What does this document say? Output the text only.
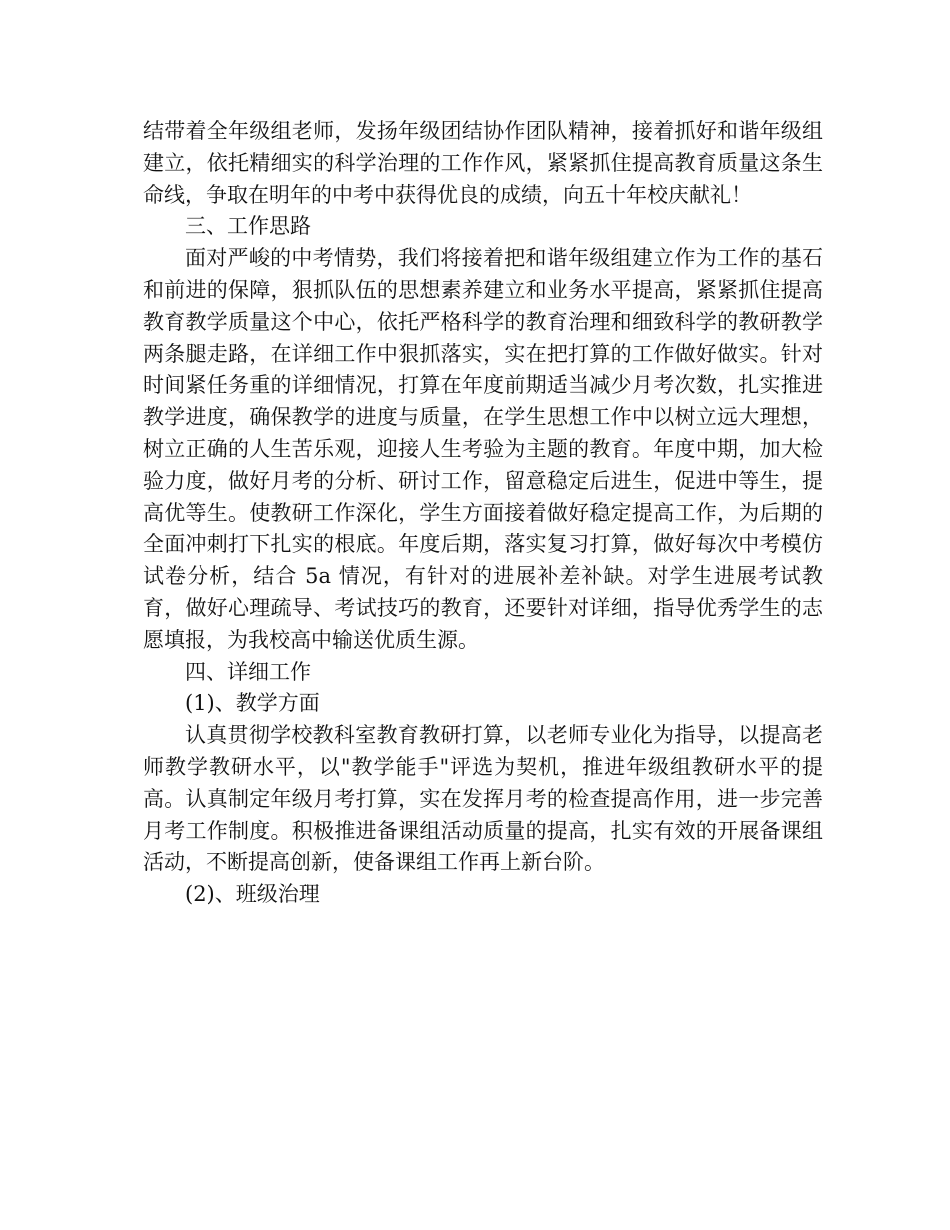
结带着全年级组老师，发扬年级团结协作团队精神，接着抓好和谐年级组建立，依托精细实的科学治理的工作作风，紧紧抓住提高教育质量这条生命线，争取在明年的中考中获得优良的成绩，向五十年校庆献礼！

三、工作思路

面对严峻的中考情势，我们将接着把和谐年级组建立作为工作的基石和前进的保障，狠抓队伍的思想素养建立和业务水平提高，紧紧抓住提高教育教学质量这个中心，依托严格科学的教育治理和细致科学的教研教学两条腿走路，在详细工作中狠抓落实，实在把打算的工作做好做实。针对时间紧任务重的详细情况，打算在年度前期适当减少月考次数，扎实推进教学进度，确保教学的进度与质量，在学生思想工作中以树立远大理想，树立正确的人生苦乐观，迎接人生考验为主题的教育。年度中期，加大检验力度，做好月考的分析、研讨工作，留意稳定后进生，促进中等生，提高优等生。使教研工作深化，学生方面接着做好稳定提高工作，为后期的全面冲刺打下扎实的根底。年度后期，落实复习打算，做好每次中考模仿试卷分析，结合 5a 情况，有针对的进展补差补缺。对学生进展考试教育，做好心理疏导、考试技巧的教育，还要针对详细，指导优秀学生的志愿填报，为我校高中输送优质生源。

四、详细工作

(1)、教学方面

认真贯彻学校教科室教育教研打算，以老师专业化为指导，以提高老师教学教研水平，以"教学能手"评选为契机，推进年级组教研水平的提高。认真制定年级月考打算，实在发挥月考的检查提高作用，进一步完善月考工作制度。积极推进备课组活动质量的提高，扎实有效的开展备课组活动，不断提高创新，使备课组工作再上新台阶。

(2)、班级治理
